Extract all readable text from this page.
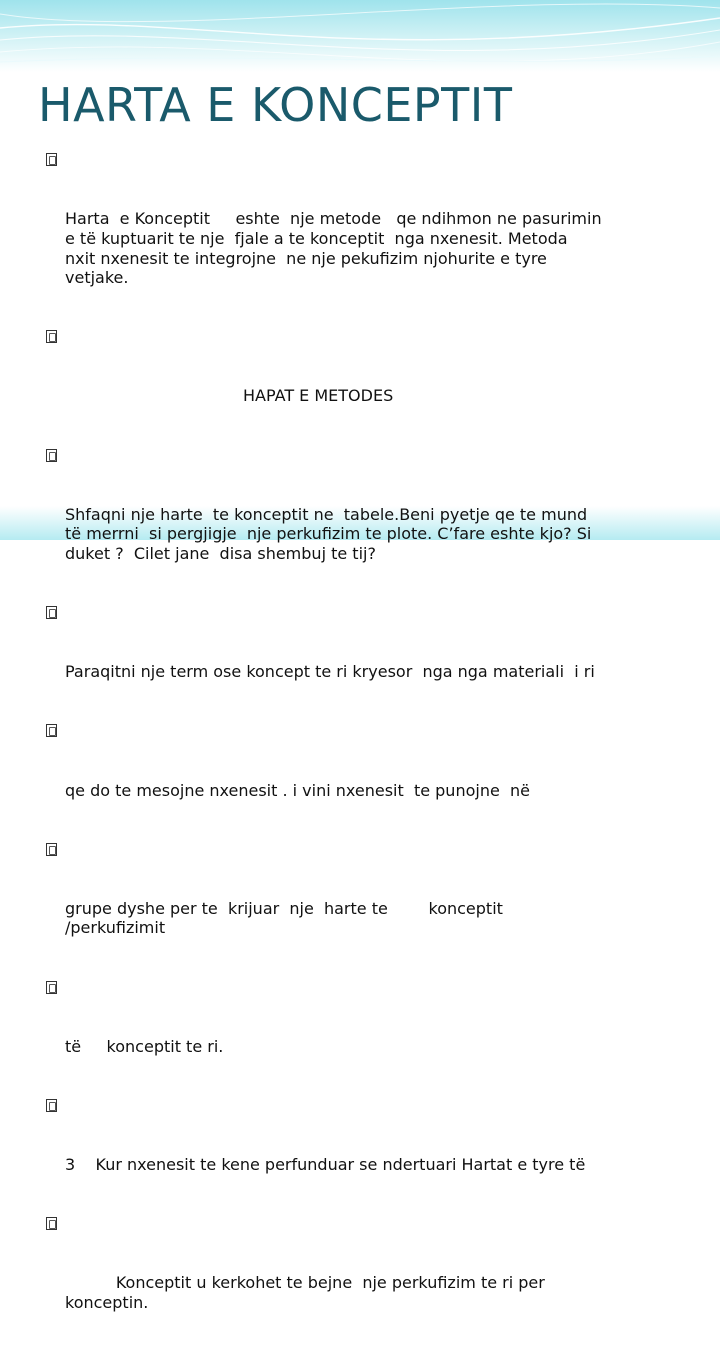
HARTA E KONCEPTIT

Harta  e Konceptit     eshte  nje metode   qe ndihmon ne pasurimin
e të kuptuarit te nje  fjale a te konceptit  nga nxenesit. Metoda
nxit nxenesit te integrojne  ne nje pekufizim njohurite e tyre
vetjake.

HAPAT E METODES

Shfaqni nje harte  te konceptit ne  tabele.Beni pyetje qe te mund
të merrni  si pergjigje  nje perkufizim te plote. C’fare eshte kjo? Si
duket ?  Cilet jane  disa shembuj te tij?

Paraqitni nje term ose koncept te ri kryesor  nga nga materiali  i ri

qe do te mesojne nxenesit . i vini nxenesit  te punojne  në

grupe dyshe per te  krijuar  nje  harte te        konceptit
/perkufizimit

të     konceptit te ri.

3    Kur nxenesit te kene perfunduar se ndertuari Hartat e tyre të

Konceptit u kerkohet te bejne  nje perkufizim te ri per
konceptin.
